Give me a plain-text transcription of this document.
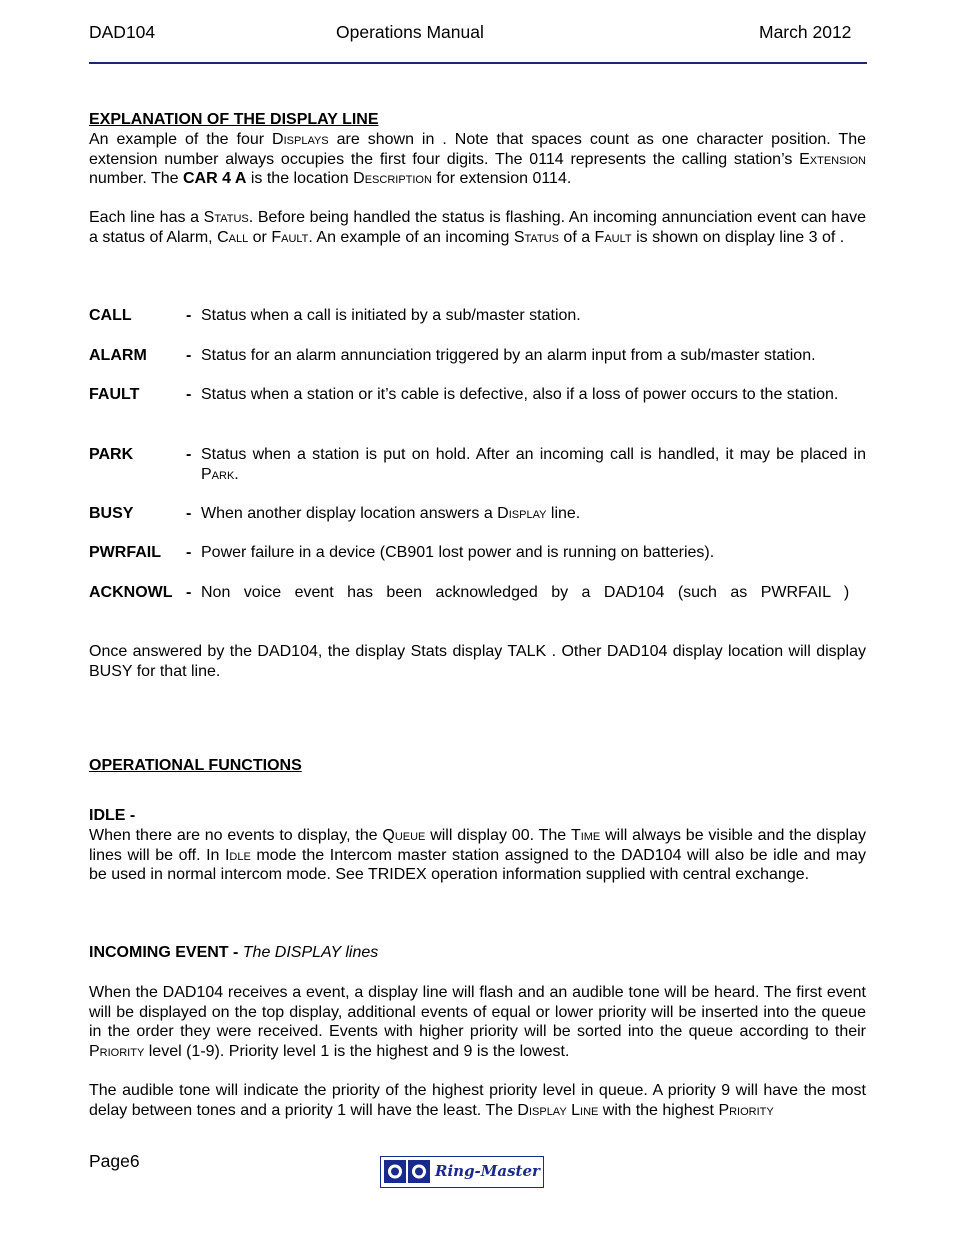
DAD104	Operations Manual	March 2012
EXPLANATION OF THE DISPLAY LINE
An example of the four Displays are shown in . Note that spaces count as one character position. The extension number always occupies the first four digits. The 0114 represents the calling station’s Extension number. The CAR 4 A is the location Description for extension 0114.
Each line has a Status. Before being handled the status is flashing. An incoming annunciation event can have a status of Alarm, Call or Fault. An example of an incoming Status of a Fault is shown on display line 3 of .
CALL	- Status when a call is initiated by a sub/master station.
ALARM	- Status for an alarm annunciation triggered by an alarm input from a sub/master station.
FAULT	- Status when a station or it’s cable is defective, also if a loss of power occurs to the station.
PARK	- Status when a station is put on hold. After an incoming call is handled, it may be placed in Park.
BUSY	- When another display location answers a Display line.
PWRFAIL	- Power failure in a device (CB901 lost power and is running on batteries).
ACKNOWL - Non voice event has been acknowledged by a DAD104 (such as PWRFAIL )
Once answered by the DAD104, the display Stats display TALK . Other DAD104 display location will display BUSY for that line.
OPERATIONAL FUNCTIONS
IDLE -
When there are no events to display, the Queue will display 00. The Time will always be visible and the display lines will be off. In Idle mode the Intercom master station assigned to the DAD104 will also be idle and may be used in normal intercom mode. See TRIDEX operation information supplied with central exchange.
INCOMING EVENT - The DISPLAY lines
When the DAD104 receives a event, a display line will flash and an audible tone will be heard. The first event will be displayed on the top display, additional events of equal or lower priority will be inserted into the queue in the order they were received. Events with higher priority will be sorted into the queue according to their Priority level (1-9). Priority level 1 is the highest and 9 is the lowest.
The audible tone will indicate the priority of the highest priority level in queue. A priority 9 will have the most delay between tones and a priority 1 will have the least. The Display Line with the highest Priority
Page6	Ring-Master
